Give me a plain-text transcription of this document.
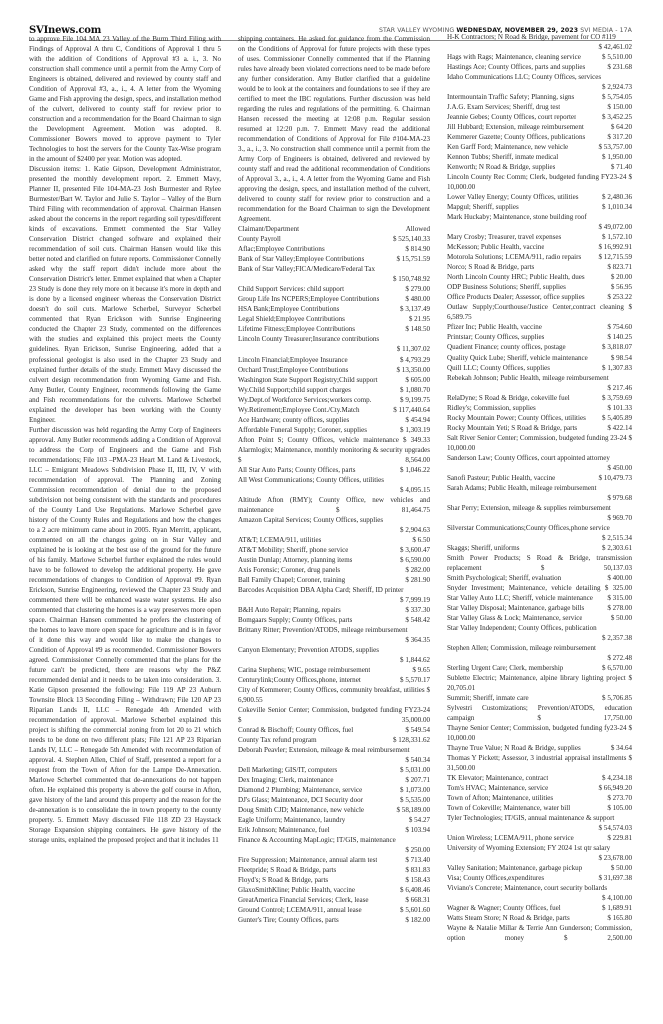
SVInews.com	STAR VALLEY WYOMING WEDNESDAY, NOVEMBER 29, 2023 SVI MEDIA - 17A

to approve File 104 MA 23 Valley of the Burm Third Filing with Findings of Approval A thru C, Conditions of Approval 1 thru 5 with the addition of Conditions of Approval #3 a. i., 3. No construction shall commence until a permit from the Army Corp of Engineers is obtained, delivered and reviewed by county staff and Condition of Approval #3, a., i., 4. A letter from the Wyoming Game and Fish approving the design, specs, and installation method of the culvert, delivered to county staff for review prior to construction and a recommendation for the Board Chairman to sign the Development Agreement. Motion was adopted. 8. Commissioner Bowers moved to approve payment to Tyler Technologies to host the servers for the County Tax-Wise program in the amount of $2400 per year. Motion was adopted.

Discussion items: 1. Katie Gipson, Development Administrator, presented the monthly development report. 2. Emmett Mavy, Planner II, presented File 104-MA-23 Josh Burmester and Rylee Burmester/Bart W. Taylor and Julie S. Taylor – Valley of the Burn Third Filing with recommendation of approval. Chairman Hansen asked about the concerns in the report regarding soil types/different kinds of excavations. Emmett commented the Star Valley Conservation District changed software and explained their recommendation of soil cuts. Chairman Hansen would like this better noted and clarified on future reports. Commissioner Connelly asked why the staff report didn't include more about the Conservation District's letter. Emmet explained that when a Chapter 23 Study is done they rely more on it because it's more in depth and is done by a licensed engineer whereas the Conservation District doesn't do soil cuts. Marlowe Scherbel, Surveyor Scherbel commented that Ryan Erickson with Sunrise Engineering conducted the Chapter 23 Study, commented on the differences with the studies and explained this project meets the County guidelines. Ryan Erickson, Sunrise Engineering, added that a professional geologist is also used in the Chapter 23 Study and explained further details of the study. Emmett Mavy discussed the culvert design recommendation from Wyoming Game and Fish. Amy Butler, County Engineer, recommends following the Game and Fish recommendations for the culverts. Marlowe Scherbel explained the developer has been working with the County Engineer.

Further discussion was held regarding the Army Corp of Engineers approval. Amy Butler recommends adding a Condition of Approval to address the Corp of Engineers and the Game and Fish recommendations; File 103 –PMA-23 Heart M. Land & Livestock, LLC – Emigrant Meadows Subdivision Phase II, III, IV, V with recommendation of approval. The Planning and Zoning Commission recommendation of denial due to the proposed subdivision not being consistent with the standards and procedures of the County Land Use Regulations. Marlowe Scherbel gave history of the County Rules and Regulations and how the changes to a 2 acre minimum came about in 2005. Ryan Merritt, applicant, commented on all the changes going on in Star Valley and explained he is looking at the best use of the ground for the future of his family. Marlowe Scherbel further explained the rules would have to be followed to develop the additional property. He gave recommendations of changes to Condition of Approval #9. Ryan Erickson, Sunrise Engineering, reviewed the Chapter 23 Study and commented there will be enhanced waste water systems. He also commented that clustering the homes is a way preserves more open space. Chairman Hansen commented he prefers the clustering of the homes to leave more open space for agriculture and is in favor of it done this way and would like to make the changes to Condition of Approval #9 as recommended. Commissioner Bowers agreed. Commissioner Connelly commented that the plans for the future can't be predicted, there are reasons why the P&Z recommended denial and it needs to be taken into consideration. 3. Katie Gipson presented the following: File 119 AP 23 Auburn Townsite Block 13 Seconding Filing – Withdrawn; File 120 AP 23 Riparian Lands II, LLC – Renegade 4th Amended with recommendation of approval. Marlowe Scherbel explained this project is shifting the commercial zoning from lot 20 to 21 which needs to be done on two different plats; File 121 AP 23 Riparian Lands IV, LLC – Renegade 5th Amended with recommendation of approval. 4. Stephen Allen, Chief of Staff, presented a report for a request from the Town of Afton for the Lampe De-Annexation. Marlowe Scherbel commented that de-annexations do not happen often. He explained this property is above the golf course in Afton, gave history of the land around this property and the reason for the de-annexation is to consolidate the in town property to the county property. 5. Emmett Mavy discussed File 118 ZD 23 Haystack Storage Expansion shipping containers. He gave history of the storage units, explained the proposed project and that it includes 11

shipping containers. He asked for guidance from the Commission on the Conditions of Approval for future projects with these types of uses. Commissioner Connelly commented that if the Planning rules have already been violated corrections need to be made before any further consideration. Amy Butler clarified that a guideline would be to look at the containers and foundations to see if they are certified to meet the IBC regulations. Further discussion was held regarding the rules and regulations of the permitting. 6. Chairman Hansen recessed the meeting at 12:08 p.m. Regular session resumed at 12:20 p.m. 7. Emmett Mavy read the additional recommendation of Conditions of Approval for File #104-MA-23 3., a., i., 3. No construction shall commence until a permit from the Army Corp of Engineers is obtained, delivered and reviewed by county staff and read the additional recommendation of Conditions of Approval 3., a., i., 4. A letter from the Wyoming Game and Fish approving the design, specs, and installation method of the culvert, delivered to county staff for review prior to construction and a recommendation for the Board Chairman to sign the Development Agreement.
Claimant/Department	Allowed
County Payroll	$ 525,140.33
Aflac;Employee Contributions	$ 814.90
Bank of Star Valley;Employee Contributions	$ 15,751.59
Bank of Star Valley;FICA/Medicare/Federal Tax
$ 150,748.92
Child Support Services: child support	$ 279.00
Group Life Ins NCPERS;Employee Contributions	$ 480.00
HSA Bank;Employee Contributions	$ 3,137.49
Legal Shield;Employee Contributions	$ 21.95
Lifetime Fitness;Employee Contributions	$ 148.50
Lincoln County Treasurer;Insurance contributions
$ 11,307.02
Lincoln Financial;Employee Insurance	$ 4,793.29
Orchard Trust;Employee Contributions	$ 13,350.00
Washington State Support Registry;Child support	$ 605.00
Wy.Child Support;child support charges	$ 1,080.70
Wy.Dept.of Workforce Services;workers comp.	$ 9,199.75
Wy.Retirement;Employee Cont./Cty.Match	$ 117,440.64
Ace Hardware; county offices, supplies	$ 454.94
Affordable Funeral Supply; Coroner, supplies	$ 1,303.19
Afton Point S; County Offices, vehicle maintenance $ 349.33
Alarmlogix; Maintenance, monthly monitoring & security upgrades $ 8,564.00
All Star Auto Parts; County Offices, parts	$ 1,046.22
All West Communications; County Offices, utilities
$ 4,095.15
Altitude Afton (RMY); County Office, new vehicles and maintenance	$ 81,464.75
Amazon Capital Services; County Offices, supplies
$ 2,904.63
AT&T; LCEMA/911, utilities	$ 6.50
AT&T Mobility; Sheriff, phone service	$ 3,600.47
Austin Dunlap; Attorney, planning items	$ 6,590.00
Axis Forensic; Coroner, drug panels	$ 282.00
Ball Family Chapel; Coroner, training	$ 281.90
Barcodes Acquisition DBA Alpha Card; Sheriff, ID printer
$ 7,999.19
B&H Auto Repair; Planning, repairs	$ 337.30
Bomgaars Supply; County Offices, parts	$ 548.42
Brittany Ritter; Prevention/ATODS, mileage reimbursement
$ 364.35
Canyon Elementary; Prevention ATODS, supplies
$ 1,844.62
Carina Stephens; WIC, postage reimbursement	$ 9.65
Centurylink;County Offices,phone, internet	$ 5,570.17
City of Kemmerer; County Offices, community breakfast, utilities $ 6,900.55
Cokeville Senior Center; Commission, budgeted funding FY23-24 $ 35,000.00
Conrad & Bischoff; County Offices, fuel	$ 549.54
County Tax refund program	$ 128,331.62
Deborah Peavler; Extension, mileage & meal reimbursement
$ 540.34
Dell Marketing; GIS/IT, computers	$ 5,031.00
Dex Imaging; Clerk, maintenance	$ 207.71
Diamond 2 Plumbing; Maintenance, service	$ 1,073.00
DJ's Glass; Maintenance, DCI Security door	$ 5,535.00
Doug Smith CJD; Maintenance, new vehicle	$ 58,189.00
Eagle Uniform; Maintenance, laundry	$ 54.27
Erik Johnson; Maintenance, fuel	$ 103.94
Finance & Accounting MapLogic; IT/GIS, maintenance
$ 250.00
Fire Suppression; Maintenance, annual alarm test	$ 713.40
Fleetpride; S Road & Bridge, parts	$ 831.83
Floyd's; S Road & Bridge, parts	$ 158.43
GlaxoSmithKline; Public Health, vaccine	$ 6,408.46
GreatAmerica Financial Services; Clerk, lease	$ 668.31
Ground Control; LCEMA/911, annual lease	$ 5,601.60
Gunter's Tire; County Offices, parts	$ 182.00
H-K Contractors; N Road & Bridge, pavement for CO #119
$ 42,461.02
Hags with Rags; Maintenance, cleaning service	$ 5,510.00
Hastings Ace; County Offices, parts and supplies	$ 231.68
Idaho Communications LLC; County Offices, services
$ 2,924.73
Intermountain Traffic Safety; Planning, signs	$ 5,754.05
J.A.G. Exam Services; Sheriff, drug test	$ 150.00
Jeannie Gebes; County Offices, court reporter	$ 3,452.25
Jill Hubbard; Extension, mileage reimbursement	$ 64.20
Kemmerer Gazette; County Offices, publications	$ 317.20
Ken Garff Ford; Maintenance, new vehicle	$ 53,757.00
Kennon Tubbs; Sheriff, inmate medical	$ 1,950.00
Kenworth; N Road & Bridge, supplies	$ 71.40
Lincoln County Rec Comm; Clerk, budgeted funding FY23-24 $ 10,000.00
Lower Valley Energy; County Offices, utilities	$ 2,480.36
Mapgul; Sheriff, supplies	$ 1,010.34
Mark Huckaby; Maintenance, stone building roof
$ 49,072.00
Mary Crosby; Treasurer, travel expenses	$ 1,572.10
McKesson; Public Health, vaccine	$ 16,992.91
Motorola Solutions; LCEMA/911, radio repairs $ 12,715.59
Norco; S Road & Bridge, parts	$ 823.71
North Lincoln County HRC; Public Health, dues	$ 20.00
ODP Business Solutions; Sheriff, supplies	$ 56.95
Office Products Dealer; Assessor, office supplies	$ 253.22
Outlaw Supply;Courthouse/Justice Center,contract cleaning $ 6,589.75
Pfizer Inc; Public Health, vaccine	$ 754.60
Printstar; County Offices, supplies	$ 140.25
Quadient Finance; county offices, postage	$ 3,818.07
Quality Quick Lube; Sheriff, vehicle maintenance	$ 98.54
Quill LLC; County Offices, supplies	$ 1,307.83
Rebekah Johnson; Public Health, mileage reimbursement
$ 217.46
RelaDyne; S Road & Bridge, cokeville fuel	$ 3,759.69
Ridley's; Commission, supplies	$ 101.33
Rocky Mountain Power; County Offices, utilities $ 5,405.89
Rocky Mountain Yeti; S Road & Bridge, parts	$ 422.14
Salt River Senior Center; Commission, budgeted funding 23-24 $ 10,000.00
Sanderson Law; County Offices, court appointed attorney
$ 450.00
Sanofi Pasteur; Public Health, vaccine	$ 10,479.73
Sarah Adams; Public Health, mileage reimbursement
$ 979.68
Shar Perry; Extension, mileage & supplies reimbursement
$ 969.70
Silverstar Communications;County Offices,phone service
$ 2,515.34
Skaggs; Sheriff, uniforms	$ 2,303.61
Smith Power Products; S Road & Bridge, transmission replacement	$ 50,137.03
Smith Psychological; Sheriff, evaluation	$ 400.00
Snyder Investment; Maintenance, vehicle detailing $ 325.00
Star Valley Auto LLC; Sheriff, vehicle maintenance $ 315.00
Star Valley Disposal; Maintenance, garbage bills	$ 278.00
Star Valley Glass & Lock; Maintenance, service	$ 50.00
Star Valley Independent; County Offices, publication
$ 2,357.38
Stephen Allen; Commission, mileage reimbursement
$ 272.48
Sterling Urgent Care; Clerk, membership	$ 6,570.00
Sublette Electric; Maintenance, alpine library lighting project $ 20,705.01
Summit; Sheriff, inmate care	$ 5,706.85
Sylvestri Customizations; Prevention/ATODS, education campaign	$ 17,750.00
Thayne Senior Center; Commission, budgeted funding fy23-24 $ 10,000.00
Thayne True Value; N Road & Bridge, supplies	$ 34.64
Thomas Y Pickett; Assessor, 3 industrial appraisal installments $ 31,500.00
TK Elevator; Maintenance, contract	$ 4,234.18
Tom's HVAC; Maintenance, service	$ 66,949.20
Town of Afton; Maintenance, utilities	$ 273.70
Town of Cokeville; Maintenance, water bill	$ 105.00
Tyler Technologies; IT/GIS, annual maintenance & support
$ 54,574.03
Union Wireless; LCEMA/911, phone service	$ 229.81
University of Wyoming Extension; FY 2024 1st qtr salary
$ 23,678.00
Valley Sanitation; Maintenance, garbage pickup	$ 50.00
Visa; County Offices,expenditures	$ 31,697.38
Viviano's Concrete; Maintenance, court security bollards
$ 4,100.00
Wagner & Wagner; County Offices, fuel	$ 1,689.91
Watts Steam Store; N Road & Bridge, parts	$ 165.80
Wayne & Natalie Millar & Terrie Ann Gunderson; Commission, option money	$ 2,500.00
